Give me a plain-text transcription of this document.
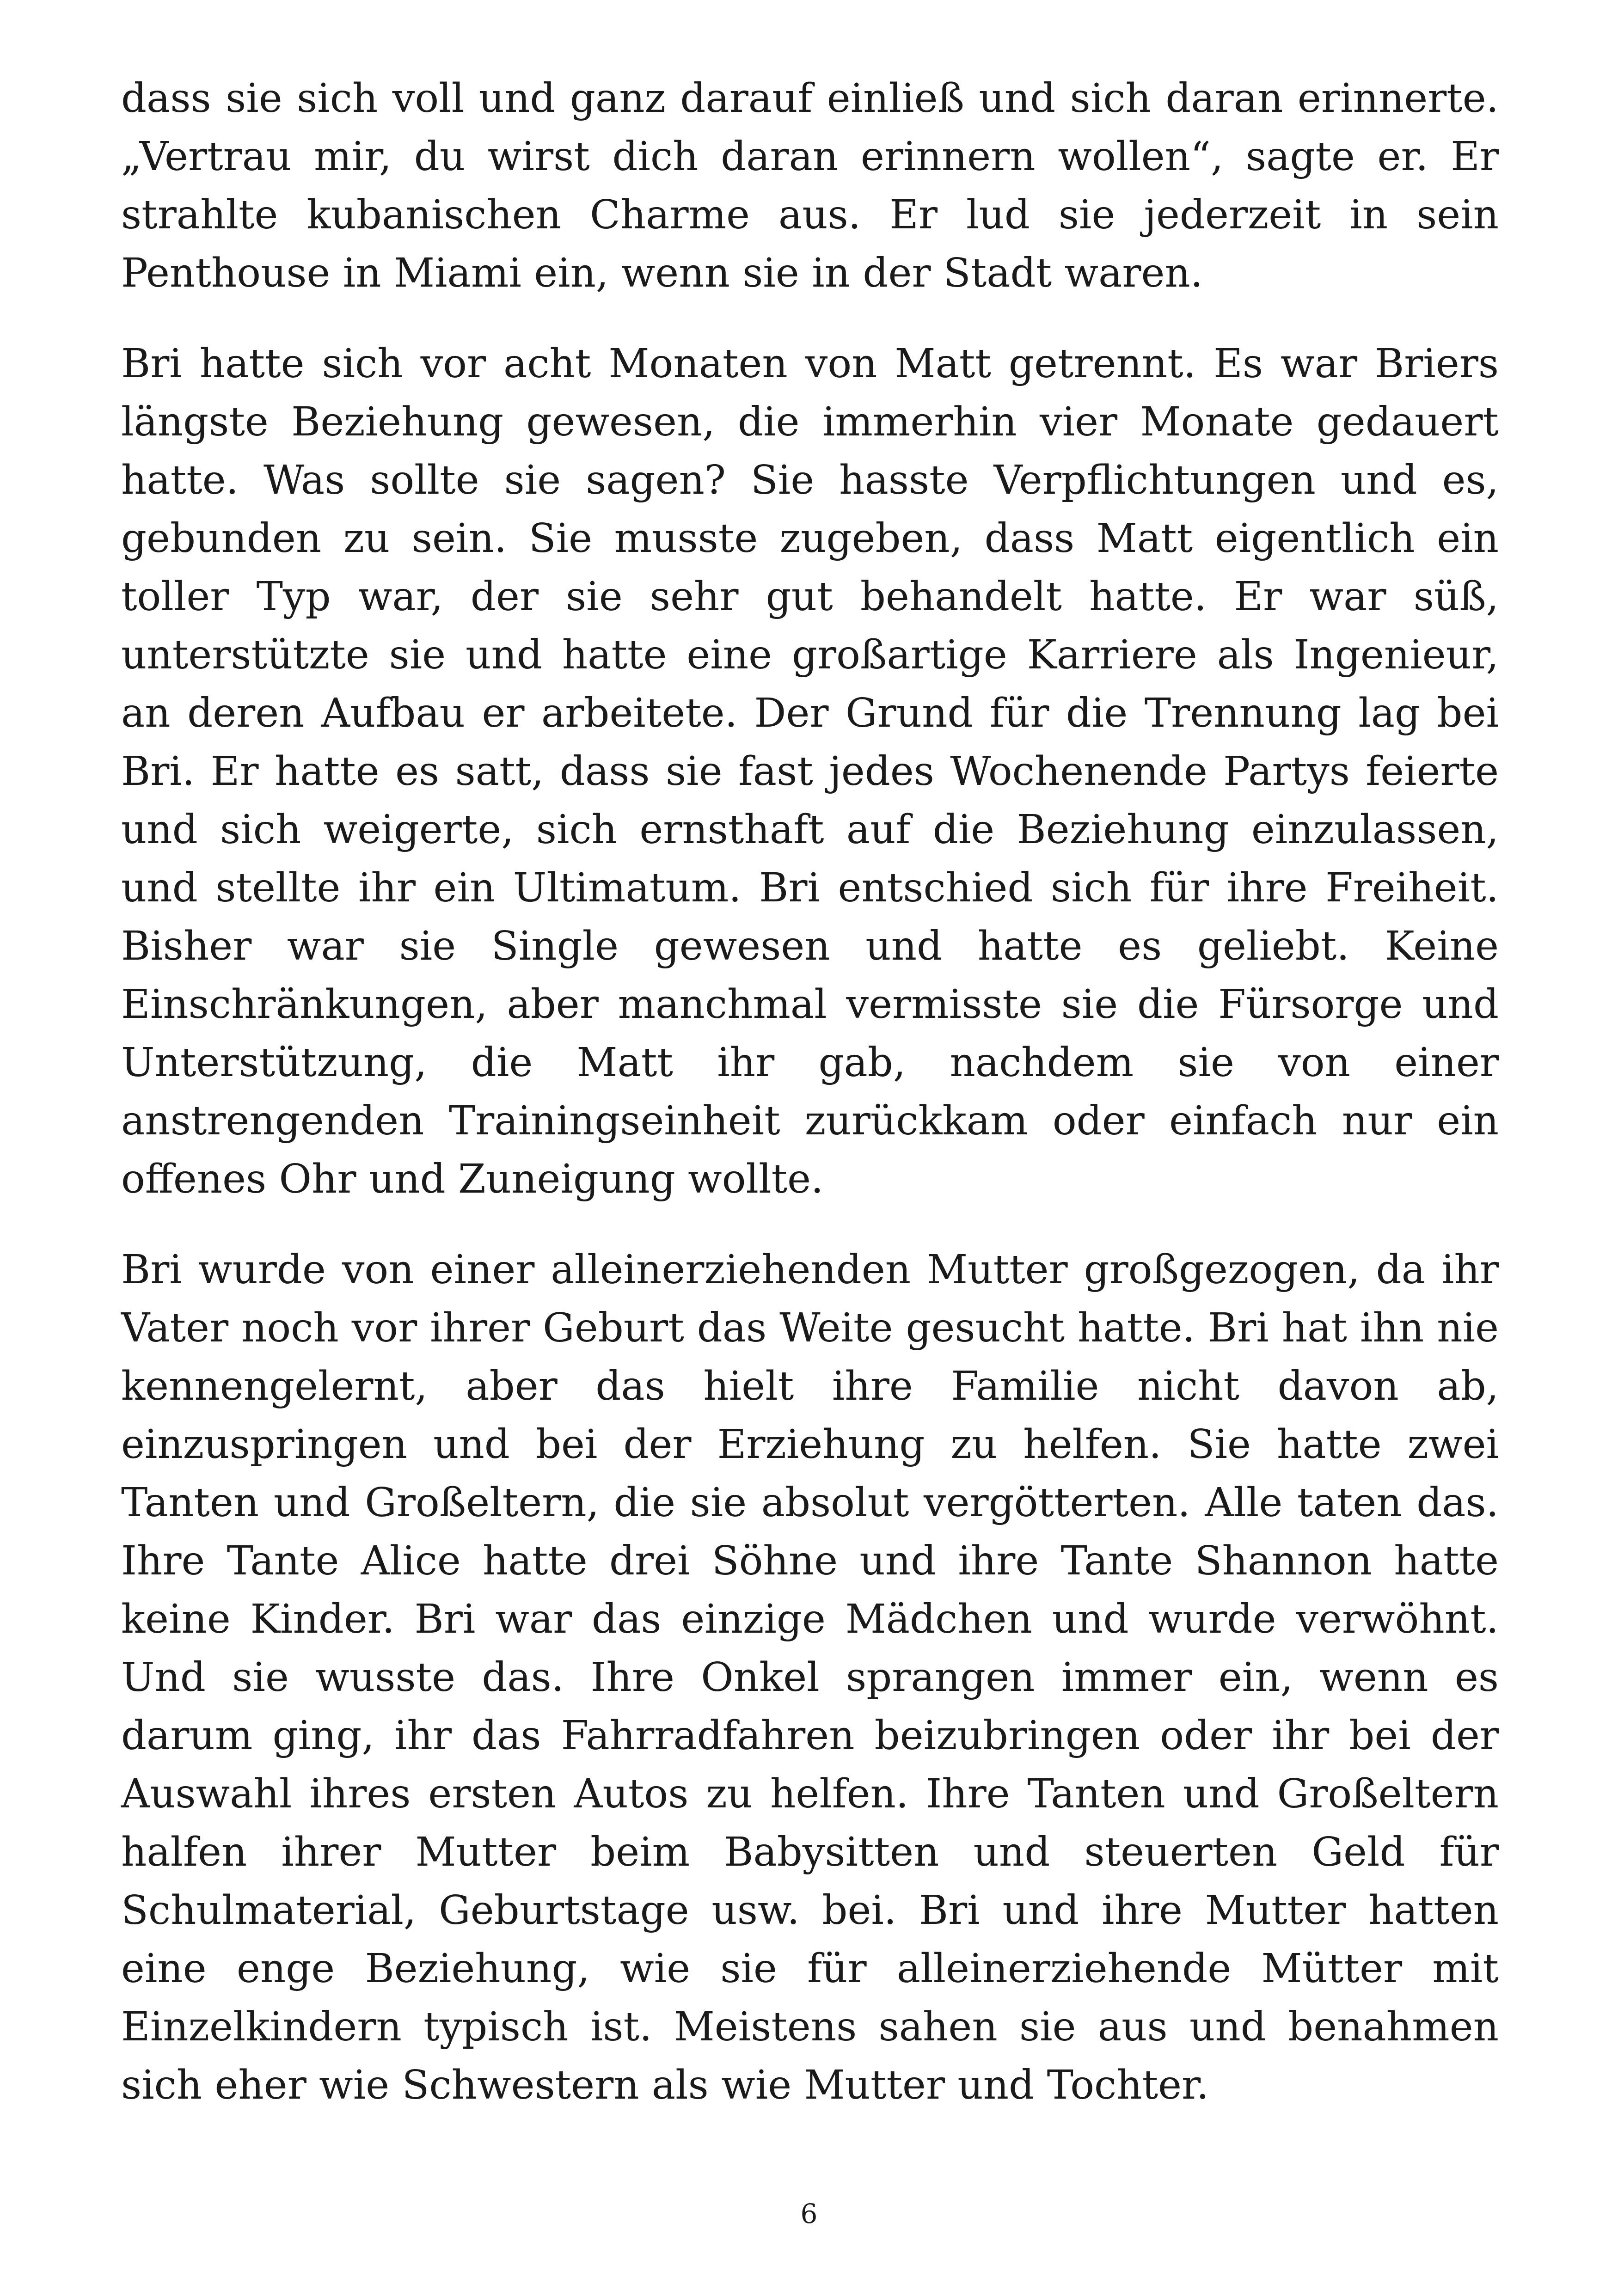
dass sie sich voll und ganz darauf einließ und sich daran erinnerte. „Vertrau mir, du wirst dich daran erinnern wollen“, sagte er. Er strahlte kubanischen Charme aus. Er lud sie jederzeit in sein Penthouse in Miami ein, wenn sie in der Stadt waren.

Bri hatte sich vor acht Monaten von Matt getrennt. Es war Briers längste Beziehung gewesen, die immerhin vier Monate gedauert hatte. Was sollte sie sagen? Sie hasste Verpflichtungen und es, gebunden zu sein. Sie musste zugeben, dass Matt eigentlich ein toller Typ war, der sie sehr gut behandelt hatte. Er war süß, unterstützte sie und hatte eine großartige Karriere als Ingenieur, an deren Aufbau er arbeitete. Der Grund für die Trennung lag bei Bri. Er hatte es satt, dass sie fast jedes Wochenende Partys feierte und sich weigerte, sich ernsthaft auf die Beziehung einzulassen, und stellte ihr ein Ultimatum. Bri entschied sich für ihre Freiheit. Bisher war sie Single gewesen und hatte es geliebt. Keine Einschränkungen, aber manchmal vermisste sie die Fürsorge und Unterstützung, die Matt ihr gab, nachdem sie von einer anstrengenden Trainingseinheit zurückkam oder einfach nur ein offenes Ohr und Zuneigung wollte.

Bri wurde von einer alleinerziehenden Mutter großgezogen, da ihr Vater noch vor ihrer Geburt das Weite gesucht hatte. Bri hat ihn nie kennengelernt, aber das hielt ihre Familie nicht davon ab, einzuspringen und bei der Erziehung zu helfen. Sie hatte zwei Tanten und Großeltern, die sie absolut vergötterten. Alle taten das. Ihre Tante Alice hatte drei Söhne und ihre Tante Shannon hatte keine Kinder. Bri war das einzige Mädchen und wurde verwöhnt. Und sie wusste das. Ihre Onkel sprangen immer ein, wenn es darum ging, ihr das Fahrradfahren beizubringen oder ihr bei der Auswahl ihres ersten Autos zu helfen. Ihre Tanten und Großeltern halfen ihrer Mutter beim Babysitten und steuerten Geld für Schulmaterial, Geburtstage usw. bei. Bri und ihre Mutter hatten eine enge Beziehung, wie sie für alleinerziehende Mütter mit Einzelkindern typisch ist. Meistens sahen sie aus und benahmen sich eher wie Schwestern als wie Mutter und Tochter.

6
